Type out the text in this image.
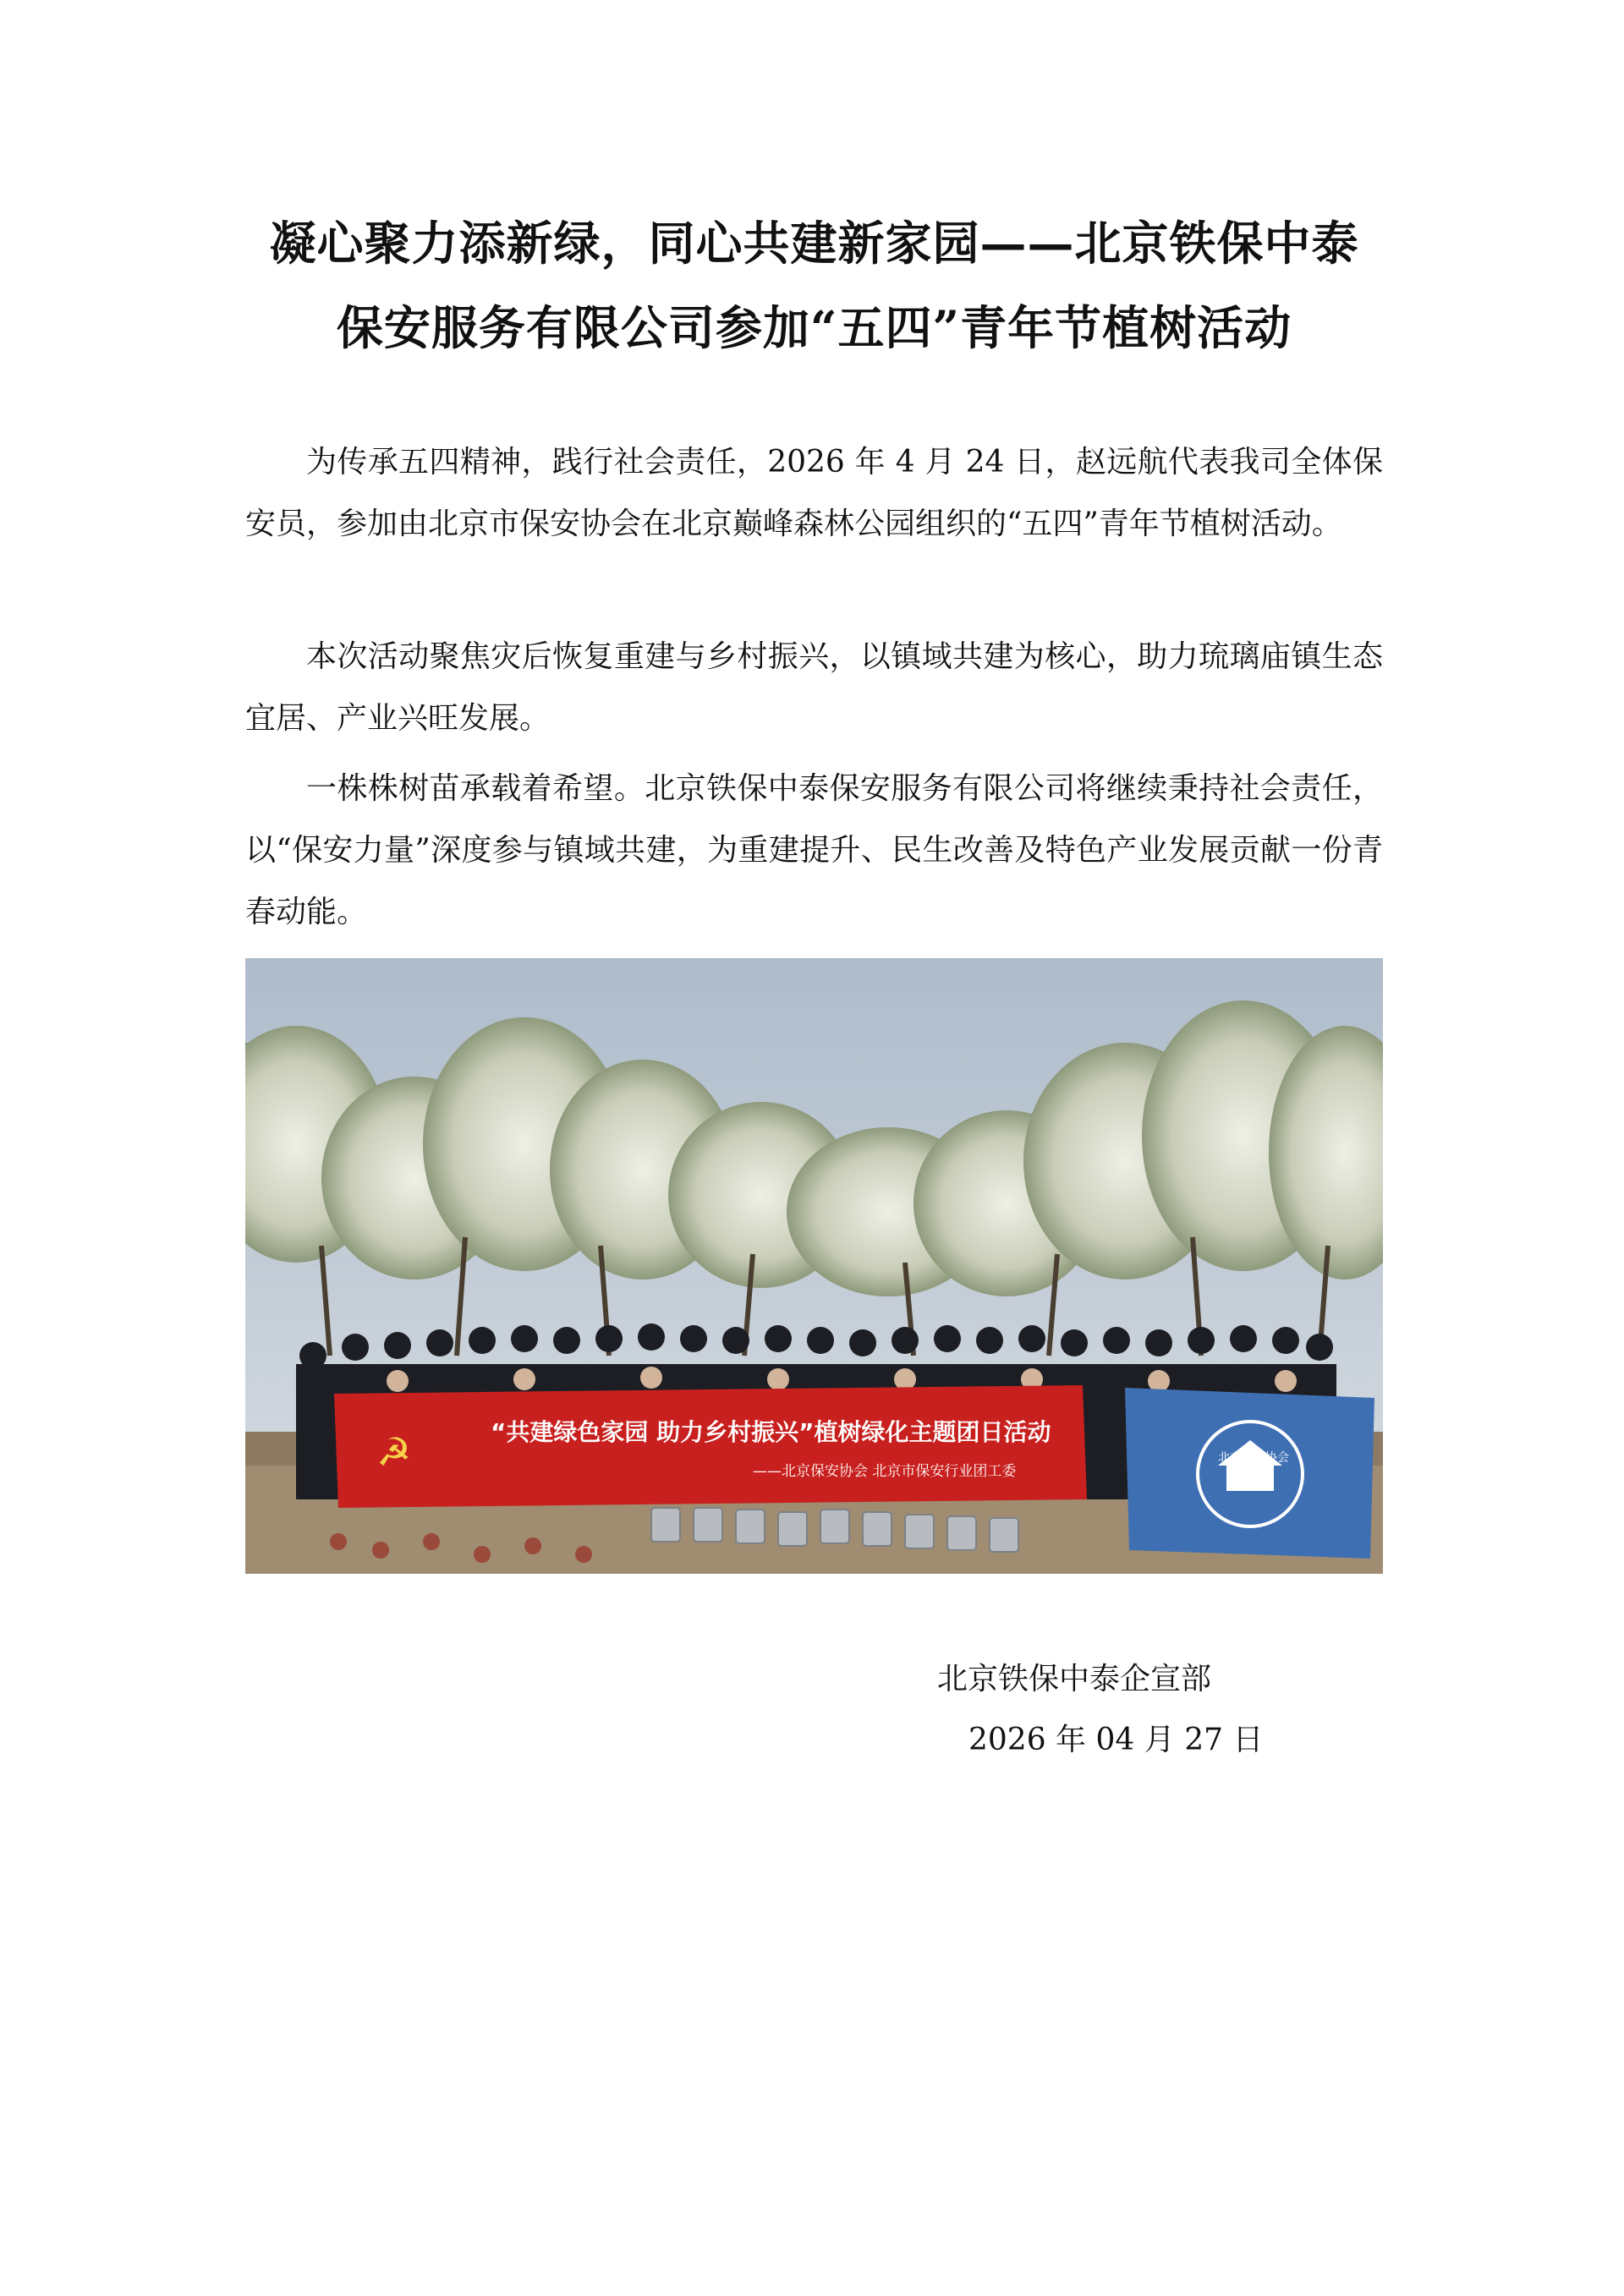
凝心聚力添新绿，同心共建新家园——北京铁保中泰
保安服务有限公司参加“五四”青年节植树活动

为传承五四精神，践行社会责任，2026 年 4 月 24 日，赵远航代表我司全体保安员，参加由北京市保安协会在北京巅峰森林公园组织的“五四”青年节植树活动。

本次活动聚焦灾后恢复重建与乡村振兴，以镇域共建为核心，助力琉璃庙镇生态宜居、产业兴旺发展。

一株株树苗承载着希望。北京铁保中泰保安服务有限公司将继续秉持社会责任，以“保安力量”深度参与镇域共建，为重建提升、民生改善及特色产业发展贡献一份青春动能。

☭	“共建绿色家园 助力乡村振兴”植树绿化主题团日活动
——北京保安协会 北京市保安行业团工委
北京保安协会

北京铁保中泰企宣部

2026 年 04 月 27 日
